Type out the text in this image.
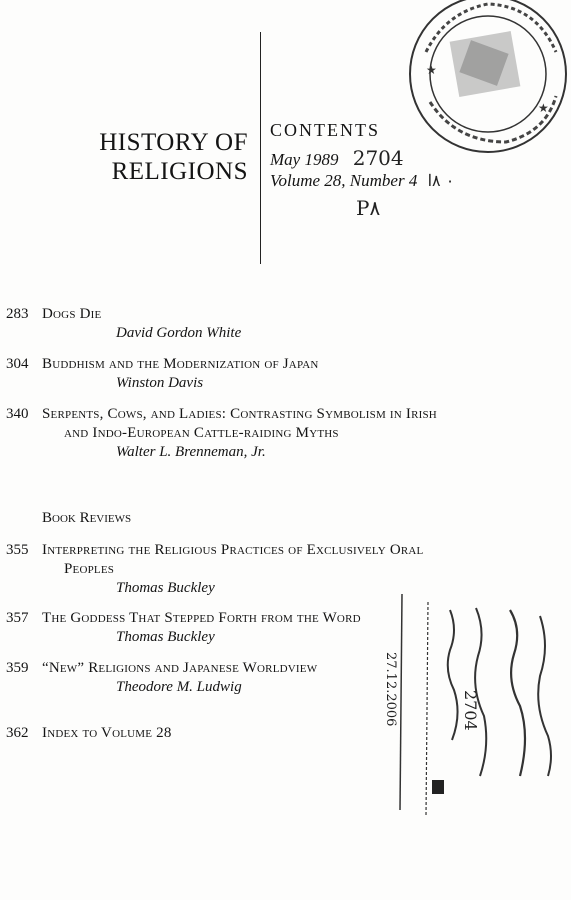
HISTORY OF
RELIGIONS
CONTENTS
May 1989 2704
Volume 28, Number 4 ٠ ٨ا
P٨
★
★
283 Dogs Die
David Gordon White
304 Buddhism and the Modernization of Japan
Winston Davis
340 Serpents, Cows, and Ladies: Contrasting Symbolism in Irish
and Indo-European Cattle-raiding Myths
Walter L. Brenneman, Jr.
Book Reviews
355 Interpreting the Religious Practices of Exclusively Oral
Peoples
Thomas Buckley
357 The Goddess That Stepped Forth from the Word
Thomas Buckley
359 “New” Religions and Japanese Worldview
Theodore M. Ludwig
362 Index to Volume 28
27.12.2006	2704
